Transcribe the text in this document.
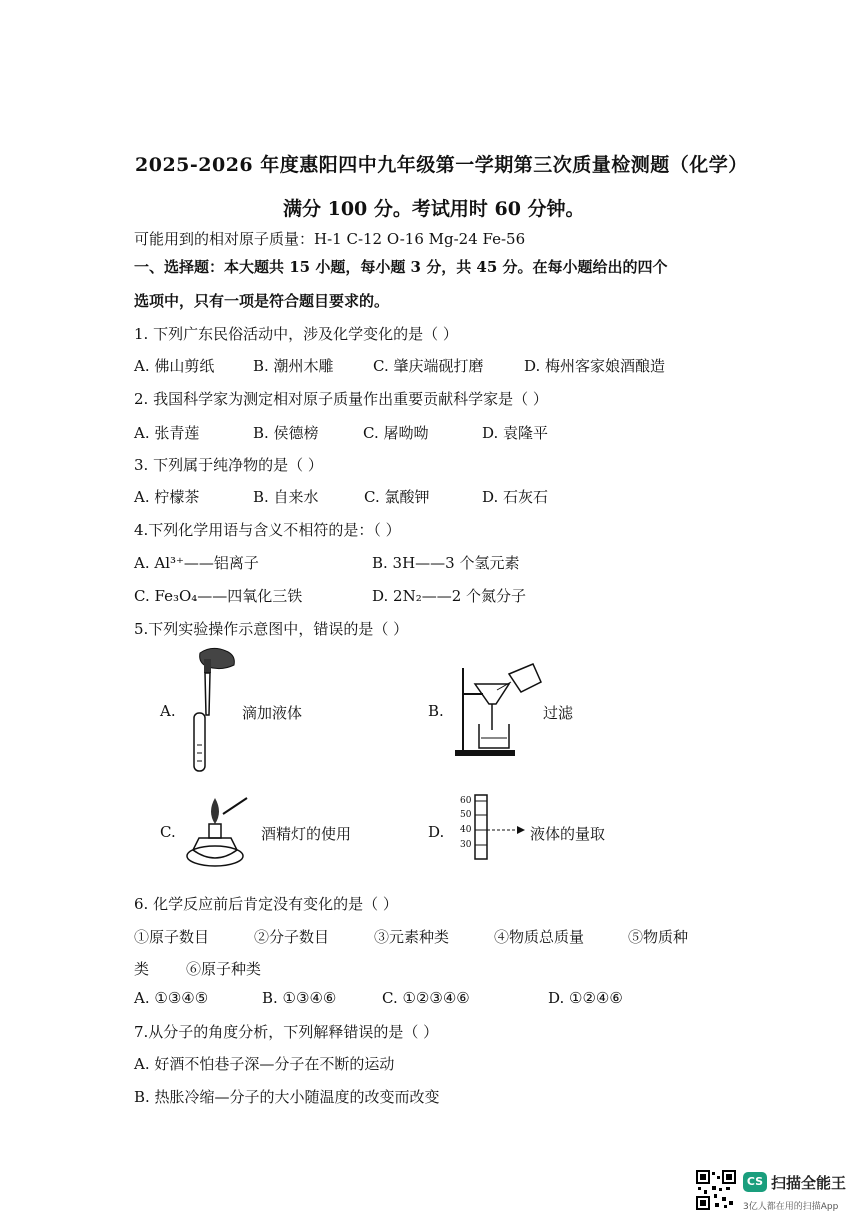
2025-2026 年度惠阳四中九年级第一学期第三次质量检测题（化学）
满分 100 分。考试用时 60 分钟。
可能用到的相对原子质量：H-1 C-12 O-16 Mg-24 Fe-56
一、选择题：本大题共 15 小题，每小题 3 分，共 45 分。在每小题给出的四个
选项中，只有一项是符合题目要求的。
1. 下列广东民俗活动中，涉及化学变化的是（ ）
A. 佛山剪纸	B. 潮州木雕	C. 肇庆端砚打磨	D. 梅州客家娘酒酿造
2. 我国科学家为测定相对原子质量作出重要贡献科学家是（ ）
A. 张青莲	B. 侯德榜	C. 屠呦呦	D. 袁隆平
3. 下列属于纯净物的是（ ）
A. 柠檬茶	B. 自来水	C. 氯酸钾	D. 石灰石
4.下列化学用语与含义不相符的是：（ ）
A. Al³⁺——铝离子	B. 3H——3 个氢元素
C. Fe₃O₄——四氧化三铁	D. 2N₂——2 个氮分子
5.下列实验操作示意图中，错误的是（ ）
A.	滴加液体	B.	过滤
C.	酒精灯的使用
60
50
40
30
D.	液体的量取
6. 化学反应前后肯定没有变化的是（ ）
①原子数目	②分子数目	③元素种类	④物质总质量	⑤物质种
类 ⑥原子种类
A. ①③④⑤	B. ①③④⑥	C. ①②③④⑥	D. ①②④⑥
7.从分子的角度分析，下列解释错误的是（ ）
A. 好酒不怕巷子深—分子在不断的运动
B. 热胀冷缩—分子的大小随温度的改变而改变
CS 扫描全能王
3亿人都在用的扫描App
